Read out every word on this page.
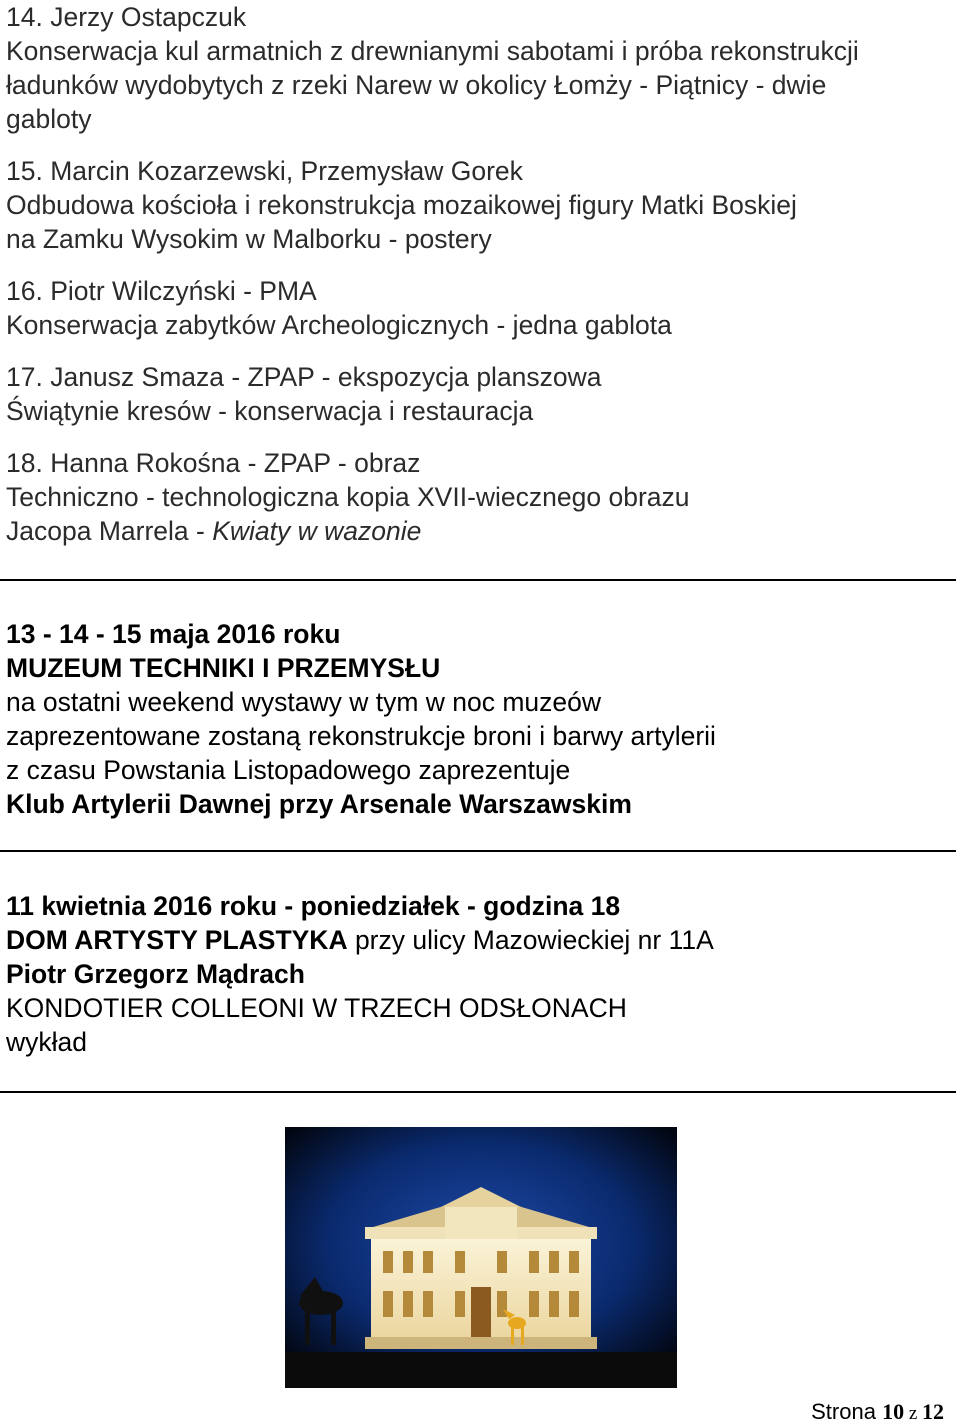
14. Jerzy Ostapczuk
Konserwacja kul armatnich z drewnianymi sabotami i próba rekonstrukcji
ładunków wydobytych z rzeki Narew w okolicy Łomży - Piątnicy - dwie
gabloty
15. Marcin Kozarzewski, Przemysław Gorek
Odbudowa kościoła i rekonstrukcja mozaikowej figury Matki Boskiej
na Zamku Wysokim w Malborku - postery
16. Piotr Wilczyński - PMA
Konserwacja zabytków Archeologicznych - jedna gablota
17. Janusz Smaza - ZPAP - ekspozycja planszowa
Świątynie kresów - konserwacja i restauracja
18. Hanna Rokośna - ZPAP - obraz
Techniczno - technologiczna kopia XVII-wiecznego obrazu
Jacopa Marrela - Kwiaty w wazonie
13 - 14 - 15 maja 2016 roku
MUZEUM TECHNIKI I PRZEMYSŁU
na ostatni weekend wystawy w tym w noc muzeów
zaprezentowane zostaną rekonstrukcje broni i barwy artylerii
z czasu Powstania Listopadowego zaprezentuje
Klub Artylerii Dawnej przy Arsenale Warszawskim
11 kwietnia 2016 roku - poniedziałek - godzina 18
DOM ARTYSTY PLASTYKA przy ulicy Mazowieckiej nr 11A
Piotr Grzegorz Mądrach
KONDOTIER COLLEONI W TRZECH ODSŁONACH
wykład
Strona 10 z 12
